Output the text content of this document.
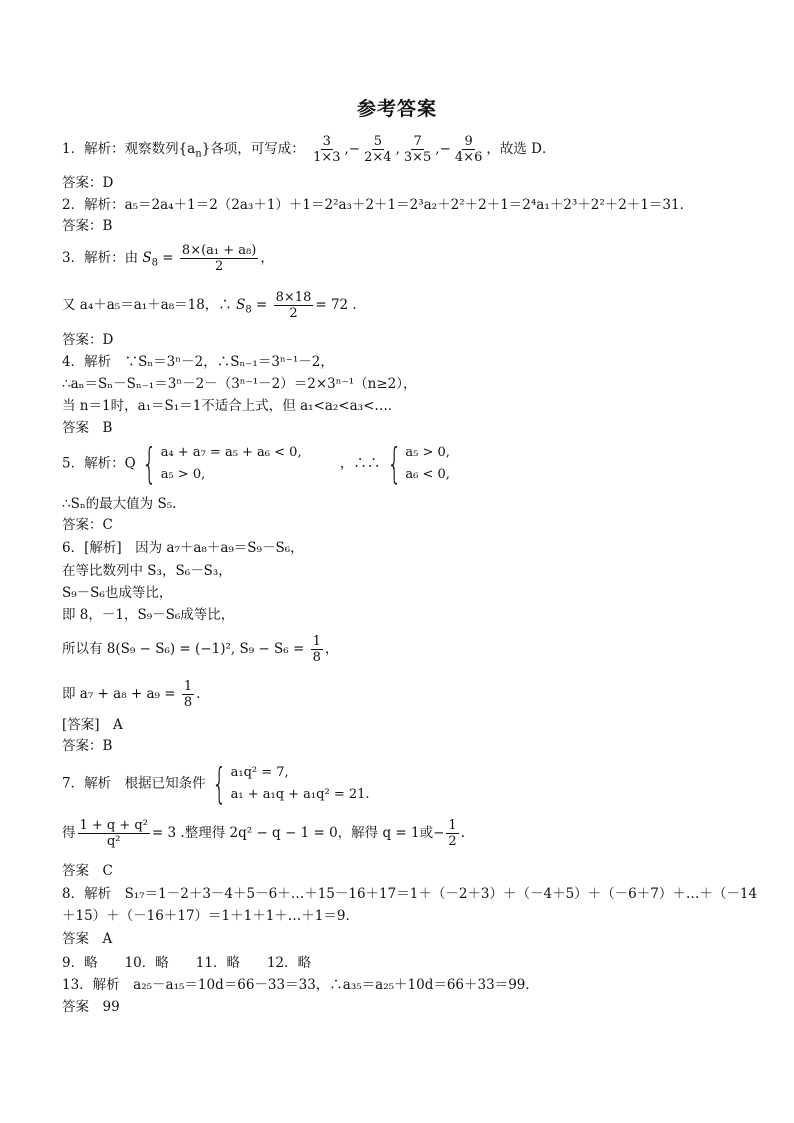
参考答案
1．解析：观察数列$\{a_n\}$各项，可写成： $\frac{3}{1\times 3}$ ,− $\frac{5}{2\times 4}$ , $\frac{7}{3\times 5}$ ,− $\frac{9}{4\times 6}$ ，故选 D．
答案：D
2．解析：a₅＝2a₄＋1＝2（2a₃＋1）＋1＝2²a₃＋2＋1＝2³a₂＋2²＋2＋1＝2⁴a₁＋2³＋2²＋2＋1＝31．
答案：B
3．解析：由 $S_8 = \frac{\text{8×(a₁ + a₈)}}{2}$ ，
又 a₄＋a₅＝a₁＋a₈＝18，∴ $S_8 = \frac{8\times 18}{2} = 72$ .
答案：D
4．解析　∵Sₙ＝3ⁿ－2，∴Sₙ₋₁＝3ⁿ⁻¹－2，
∴aₙ＝Sₙ－Sₙ₋₁＝3ⁿ－2－（3ⁿ⁻¹－2）＝2×3ⁿ⁻¹（n≥2），
当 n＝1时，a₁＝S₁＝1不适合上式，但 a₁<a₂<a₃<…．
答案　B
5．解析：Q { a₄ + a₇ = a₅ + a₆ < 0,
a₅ > 0,
，∴∴ { a₅ > 0,
a₆ < 0,
∴Sₙ的最大值为 S₅.
答案：C
6．[解析]　因为 a₇＋a₈＋a₉＝S₉－S₆，
在等比数列中 S₃，S₆－S₃，
S₉－S₆也成等比，
即 8，－1，S₉－S₆成等比，
所以有 8(S₉ − S₆) = (−1)², $S_9 - S_6 = \frac{1}{8}$ ，
即 $a_7 + a_8 + a_9 = \frac{1}{8}$ .
[答案]　A
答案：B
7．解析　根据已知条件 { a₁q² = 7,
a₁ + a₁q + a₁q² = 21.
得 $\frac{\text{1 + q + q²}}{\text{q²}} = 3$ .整理得 2q² − q − 1 = 0，解得 q = 1或− $\frac{1}{2}$ .
答案　C
8．解析　S₁₇＝1－2＋3－4＋5－6＋…＋15－16＋17＝1＋（－2＋3）＋（－4＋5）＋（－6＋7）＋…＋（－14
＋15）＋（－16＋17）＝1＋1＋1＋…＋1＝9.
答案　A
9．略　　10．略　　11．略　　12．略
13．解析　a₂₅－a₁₅＝10d＝66－33＝33，∴a₃₅＝a₂₅＋10d＝66＋33＝99．
答案　99
